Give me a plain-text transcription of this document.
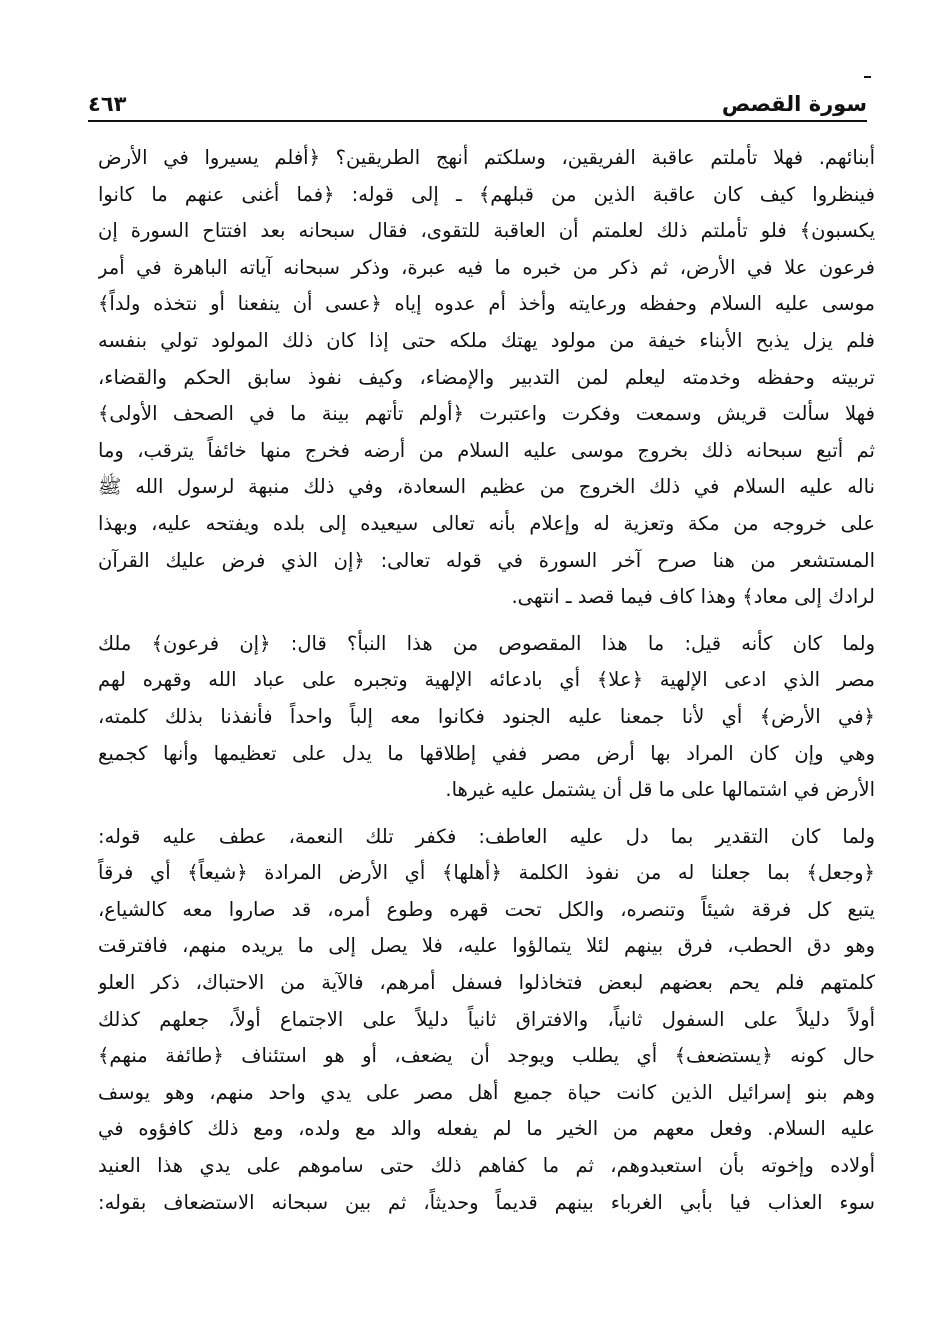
سورة القصص
٤٦٣
أبنائهم. فهلا تأملتم عاقبة الفريقين، وسلكتم أنهج الطريقين؟ ﴿أفلم يسيروا في الأرض
فينظروا كيف كان عاقبة الذين من قبلهم﴾ ـ إلى قوله: ﴿فما أغنى عنهم ما كانوا
يكسبون﴾ فلو تأملتم ذلك لعلمتم أن العاقبة للتقوى، فقال سبحانه بعد افتتاح السورة إن
فرعون علا في الأرض، ثم ذكر من خبره ما فيه عبرة، وذكر سبحانه آياته الباهرة في أمر
موسى عليه السلام وحفظه ورعايته وأخذ أم عدوه إياه ﴿عسى أن ينفعنا أو نتخذه ولداً﴾
فلم يزل يذبح الأبناء خيفة من مولود يهتك ملكه حتى إذا كان ذلك المولود تولي بنفسه
تربيته وحفظه وخدمته ليعلم لمن التدبير والإمضاء، وكيف نفوذ سابق الحكم والقضاء،
فهلا سألت قريش وسمعت وفكرت واعتبرت ﴿أولم تأتهم بينة ما في الصحف الأولى﴾
ثم أتبع سبحانه ذلك بخروج موسى عليه السلام من أرضه فخرج منها خائفاً يترقب، وما
ناله عليه السلام في ذلك الخروج من عظيم السعادة، وفي ذلك منبهة لرسول الله ﷺ
على خروجه من مكة وتعزية له وإعلام بأنه تعالى سيعيده إلى بلده ويفتحه عليه، وبهذا
المستشعر من هنا صرح آخر السورة في قوله تعالى: ﴿إن الذي فرض عليك القرآن
لرادك إلى معاد﴾ وهذا كاف فيما قصد ـ انتهى.
ولما كان كأنه قيل: ما هذا المقصوص من هذا النبأ؟ قال: ﴿إن فرعون﴾ ملك
مصر الذي ادعى الإلهية ﴿علا﴾ أي بادعائه الإلهية وتجبره على عباد الله وقهره لهم
﴿في الأرض﴾ أي لأنا جمعنا عليه الجنود فكانوا معه إلباً واحداً فأنفذنا بذلك كلمته،
وهي وإن كان المراد بها أرض مصر ففي إطلاقها ما يدل على تعظيمها وأنها كجميع
الأرض في اشتمالها على ما قل أن يشتمل عليه غيرها.
ولما كان التقدير بما دل عليه العاطف: فكفر تلك النعمة، عطف عليه قوله:
﴿وجعل﴾ بما جعلنا له من نفوذ الكلمة ﴿أهلها﴾ أي الأرض المرادة ﴿شيعاً﴾ أي فرقاً
يتبع كل فرقة شيئاً وتنصره، والكل تحت قهره وطوع أمره، قد صاروا معه كالشياع،
وهو دق الحطب، فرق بينهم لئلا يتمالؤوا عليه، فلا يصل إلى ما يريده منهم، فافترقت
كلمتهم فلم يحم بعضهم لبعض فتخاذلوا فسفل أمرهم، فالآية من الاحتباك، ذكر العلو
أولاً دليلاً على السفول ثانياً، والافتراق ثانياً دليلاً على الاجتماع أولاً، جعلهم كذلك
حال كونه ﴿يستضعف﴾ أي يطلب ويوجد أن يضعف، أو هو استئناف ﴿طائفة منهم﴾
وهم بنو إسرائيل الذين كانت حياة جميع أهل مصر على يدي واحد منهم، وهو يوسف
عليه السلام. وفعل معهم من الخير ما لم يفعله والد مع ولده، ومع ذلك كافؤوه في
أولاده وإخوته بأن استعبدوهم، ثم ما كفاهم ذلك حتى ساموهم على يدي هذا العنيد
سوء العذاب فيا بأبي الغرباء بينهم قديماً وحديثاً، ثم بين سبحانه الاستضعاف بقوله:
